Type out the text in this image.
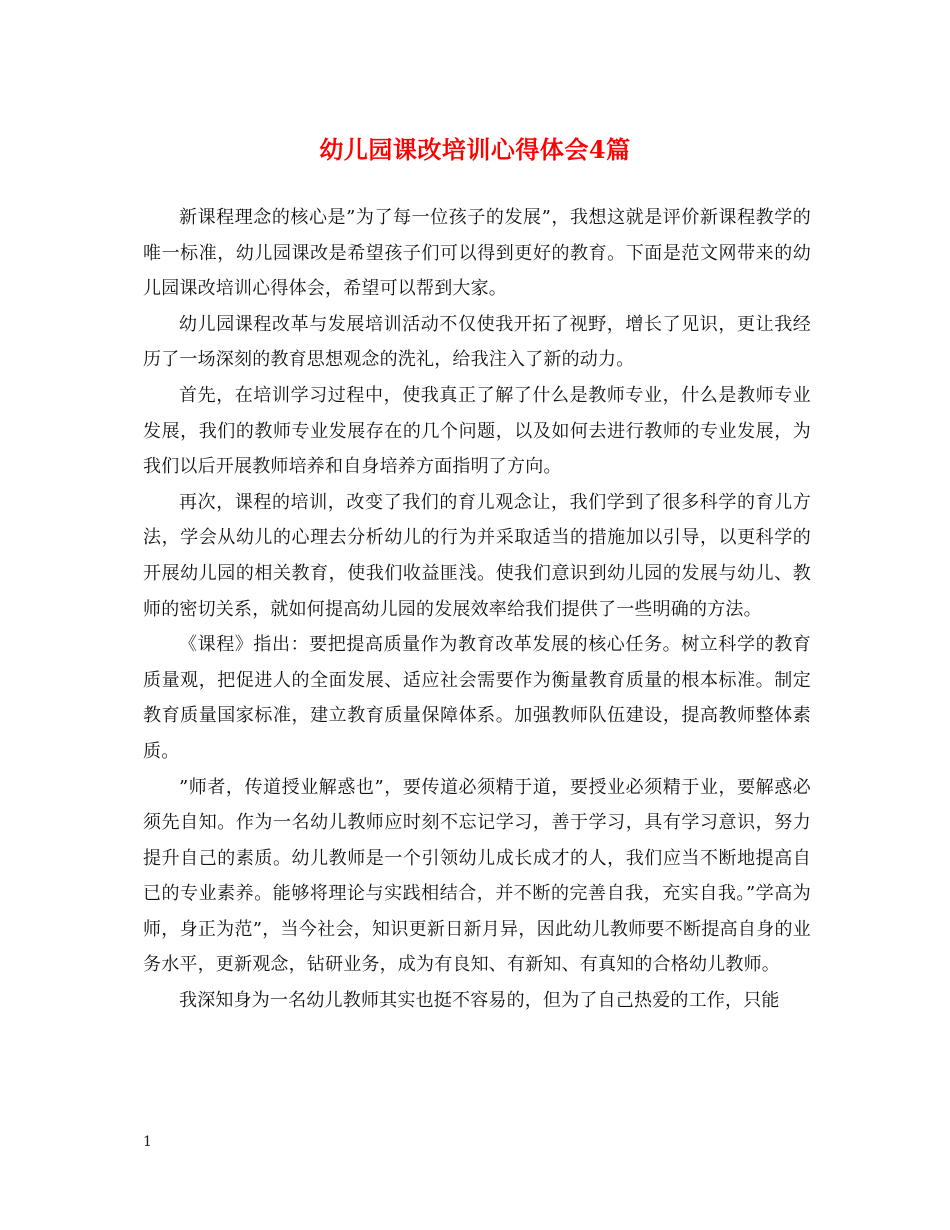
幼儿园课改培训心得体会4篇

新课程理念的核心是”为了每一位孩子的发展”，我想这就是评价新课程教学的唯一标准，幼儿园课改是希望孩子们可以得到更好的教育。下面是范文网带来的幼儿园课改培训心得体会，希望可以帮到大家。

幼儿园课程改革与发展培训活动不仅使我开拓了视野，增长了见识，更让我经历了一场深刻的教育思想观念的洗礼，给我注入了新的动力。

首先，在培训学习过程中，使我真正了解了什么是教师专业，什么是教师专业发展，我们的教师专业发展存在的几个问题，以及如何去进行教师的专业发展，为我们以后开展教师培养和自身培养方面指明了方向。

再次，课程的培训，改变了我们的育儿观念让，我们学到了很多科学的育儿方法，学会从幼儿的心理去分析幼儿的行为并采取适当的措施加以引导，以更科学的开展幼儿园的相关教育，使我们收益匪浅。使我们意识到幼儿园的发展与幼儿、教师的密切关系，就如何提高幼儿园的发展效率给我们提供了一些明确的方法。

《课程》指出：要把提高质量作为教育改革发展的核心任务。树立科学的教育质量观，把促进人的全面发展、适应社会需要作为衡量教育质量的根本标准。制定教育质量国家标准，建立教育质量保障体系。加强教师队伍建设，提高教师整体素质。

”师者，传道授业解惑也”，要传道必须精于道，要授业必须精于业，要解惑必须先自知。作为一名幼儿教师应时刻不忘记学习，善于学习，具有学习意识，努力提升自己的素质。幼儿教师是一个引领幼儿成长成才的人，我们应当不断地提高自已的专业素养。能够将理论与实践相结合，并不断的完善自我，充实自我。”学高为师，身正为范”，当今社会，知识更新日新月异，因此幼儿教师要不断提高自身的业务水平，更新观念，钻研业务，成为有良知、有新知、有真知的合格幼儿教师。

我深知身为一名幼儿教师其实也挺不容易的，但为了自己热爱的工作，只能

1
